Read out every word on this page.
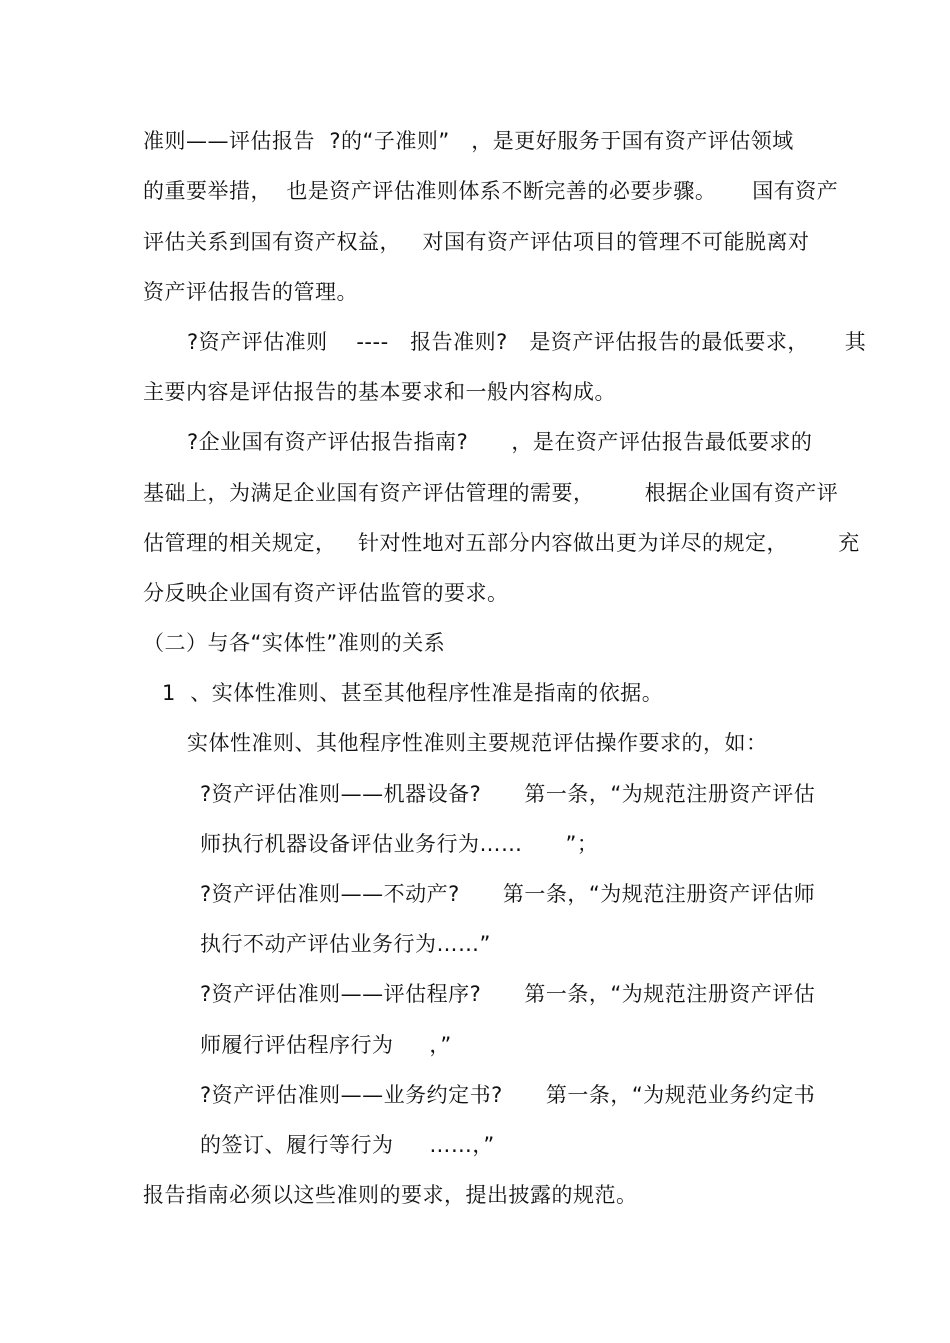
准则——评估报告  ?的“子准则”   ，是更好服务于国有资产评估领域
的重要举措，  也是资产评估准则体系不断完善的必要步骤。     国有资产
评估关系到国有资产权益，   对国有资产评估项目的管理不可能脱离对
资产评估报告的管理。
?资产评估准则    ----   报告准则?   是资产评估报告的最低要求，     其
主要内容是评估报告的基本要求和一般内容构成。
?企业国有资产评估报告指南?      ，是在资产评估报告最低要求的
基础上，为满足企业国有资产评估管理的需要，       根据企业国有资产评
估管理的相关规定，   针对性地对五部分内容做出更为详尽的规定，       充
分反映企业国有资产评估监管的要求。
（二）与各“实体性”准则的关系
1  、实体性准则、甚至其他程序性准是指南的依据。
实体性准则、其他程序性准则主要规范评估操作要求的，如：
?资产评估准则——机器设备?      第一条，“为规范注册资产评估
师执行机器设备评估业务行为……      ”；
?资产评估准则——不动产?      第一条，“为规范注册资产评估师
执行不动产评估业务行为……”
?资产评估准则——评估程序?      第一条，“为规范注册资产评估
师履行评估程序行为     ，”
?资产评估准则——业务约定书?      第一条，“为规范业务约定书
的签订、履行等行为     ……，”
报告指南必须以这些准则的要求，提出披露的规范。
